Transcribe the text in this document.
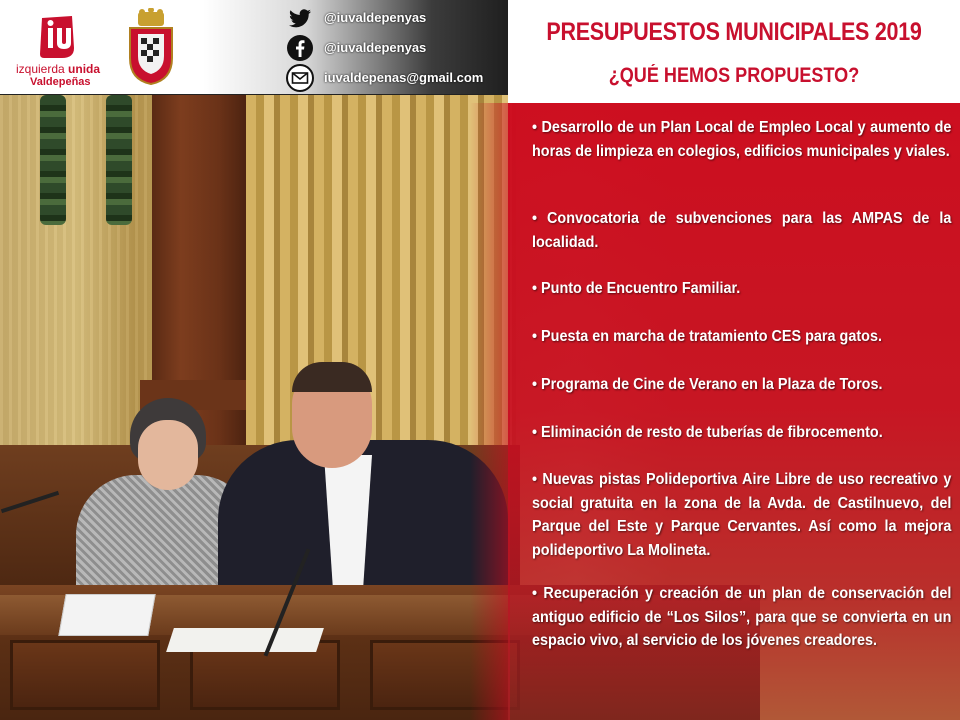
izquierda unida
Valdepeñas
@iuvaldepenyas
@iuvaldepenyas
iuvaldepenas@gmail.com
PRESUPUESTOS MUNICIPALES 2019
¿QUÉ HEMOS PROPUESTO?
• Desarrollo de un Plan Local de Empleo Local y aumento de horas de limpieza en colegios, edificios municipales y viales.
• Convocatoria de subvenciones para las AMPAS de la localidad.
• Punto de Encuentro Familiar.
• Puesta en marcha de tratamiento CES para gatos.
• Programa de Cine de Verano en la Plaza de Toros.
• Eliminación de resto de tuberías de fibrocemento.
• Nuevas pistas Polideportiva Aire Libre de uso recreativo y social gratuita en la zona de la Avda. de Castilnuevo, del Parque del Este y Parque Cervantes. Así como la mejora polideportivo La Molineta.
• Recuperación y creación de un plan de conservación del antiguo edificio de “Los Silos”, para que se convierta en un espacio vivo, al servicio de los jóvenes creadores.
